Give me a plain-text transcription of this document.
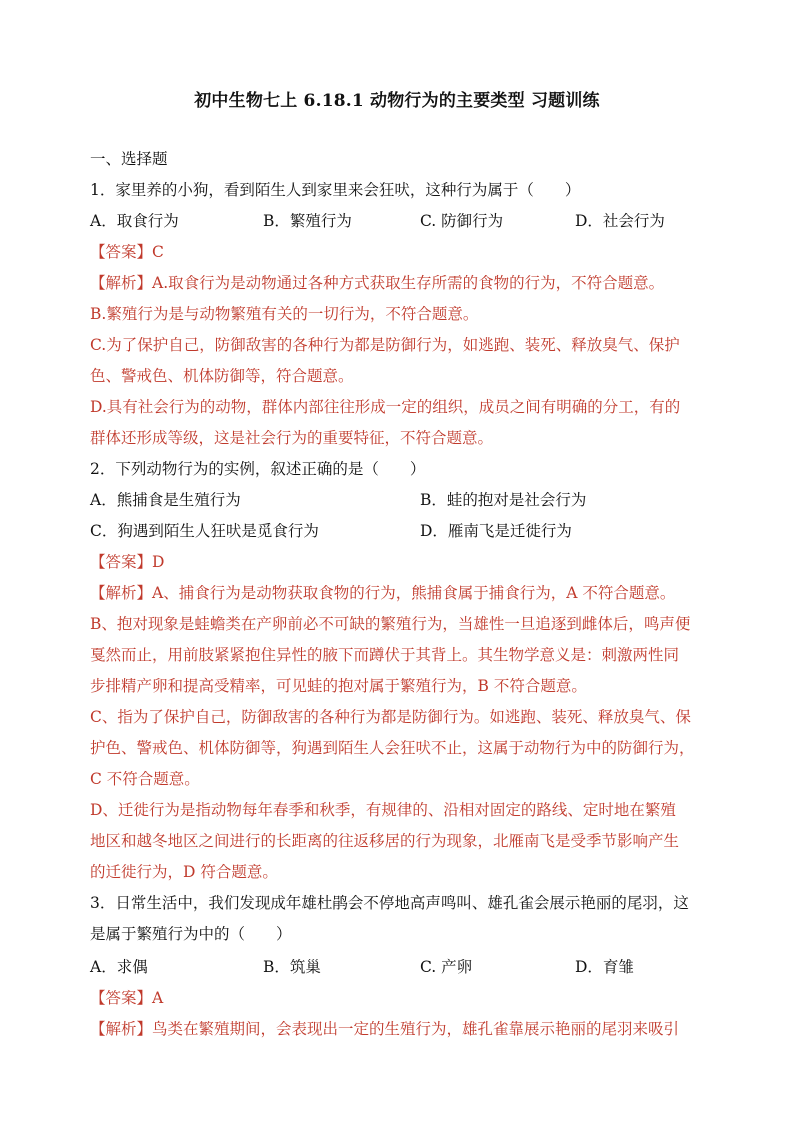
初中生物七上 6.18.1 动物行为的主要类型 习题训练
一、选择题
1．家里养的小狗，看到陌生人到家里来会狂吠，这种行为属于（　　）
A．取食行为	B．繁殖行为	C. 防御行为	D．社会行为
【答案】C
【解析】A.取食行为是动物通过各种方式获取生存所需的食物的行为，不符合题意。
B.繁殖行为是与动物繁殖有关的一切行为，不符合题意。
C.为了保护自己，防御敌害的各种行为都是防御行为，如逃跑、装死、释放臭气、保护
色、警戒色、机体防御等，符合题意。
D.具有社会行为的动物，群体内部往往形成一定的组织，成员之间有明确的分工，有的
群体还形成等级，这是社会行为的重要特征，不符合题意。
2．下列动物行为的实例，叙述正确的是（　　）
A．熊捕食是生殖行为	B．蛙的抱对是社会行为
C．狗遇到陌生人狂吠是觅食行为	D．雁南飞是迁徙行为
【答案】D
【解析】A、捕食行为是动物获取食物的行为，熊捕食属于捕食行为，A 不符合题意。
B、抱对现象是蛙蟾类在产卵前必不可缺的繁殖行为，当雄性一旦追逐到雌体后，鸣声便
戛然而止，用前肢紧紧抱住异性的腋下而蹲伏于其背上。其生物学意义是：刺激两性同
步排精产卵和提高受精率，可见蛙的抱对属于繁殖行为，B 不符合题意。
C、指为了保护自己，防御敌害的各种行为都是防御行为。如逃跑、装死、释放臭气、保
护色、警戒色、机体防御等，狗遇到陌生人会狂吠不止，这属于动物行为中的防御行为，
C 不符合题意。
D、迁徙行为是指动物每年春季和秋季，有规律的、沿相对固定的路线、定时地在繁殖
地区和越冬地区之间进行的长距离的往返移居的行为现象，北雁南飞是受季节影响产生
的迁徙行为，D 符合题意。
3．日常生活中，我们发现成年雄杜鹃会不停地高声鸣叫、雄孔雀会展示艳丽的尾羽，这
是属于繁殖行为中的（　　）
A．求偶	B．筑巢	C. 产卵	D．育雏
【答案】A
【解析】鸟类在繁殖期间，会表现出一定的生殖行为，雄孔雀靠展示艳丽的尾羽来吸引
